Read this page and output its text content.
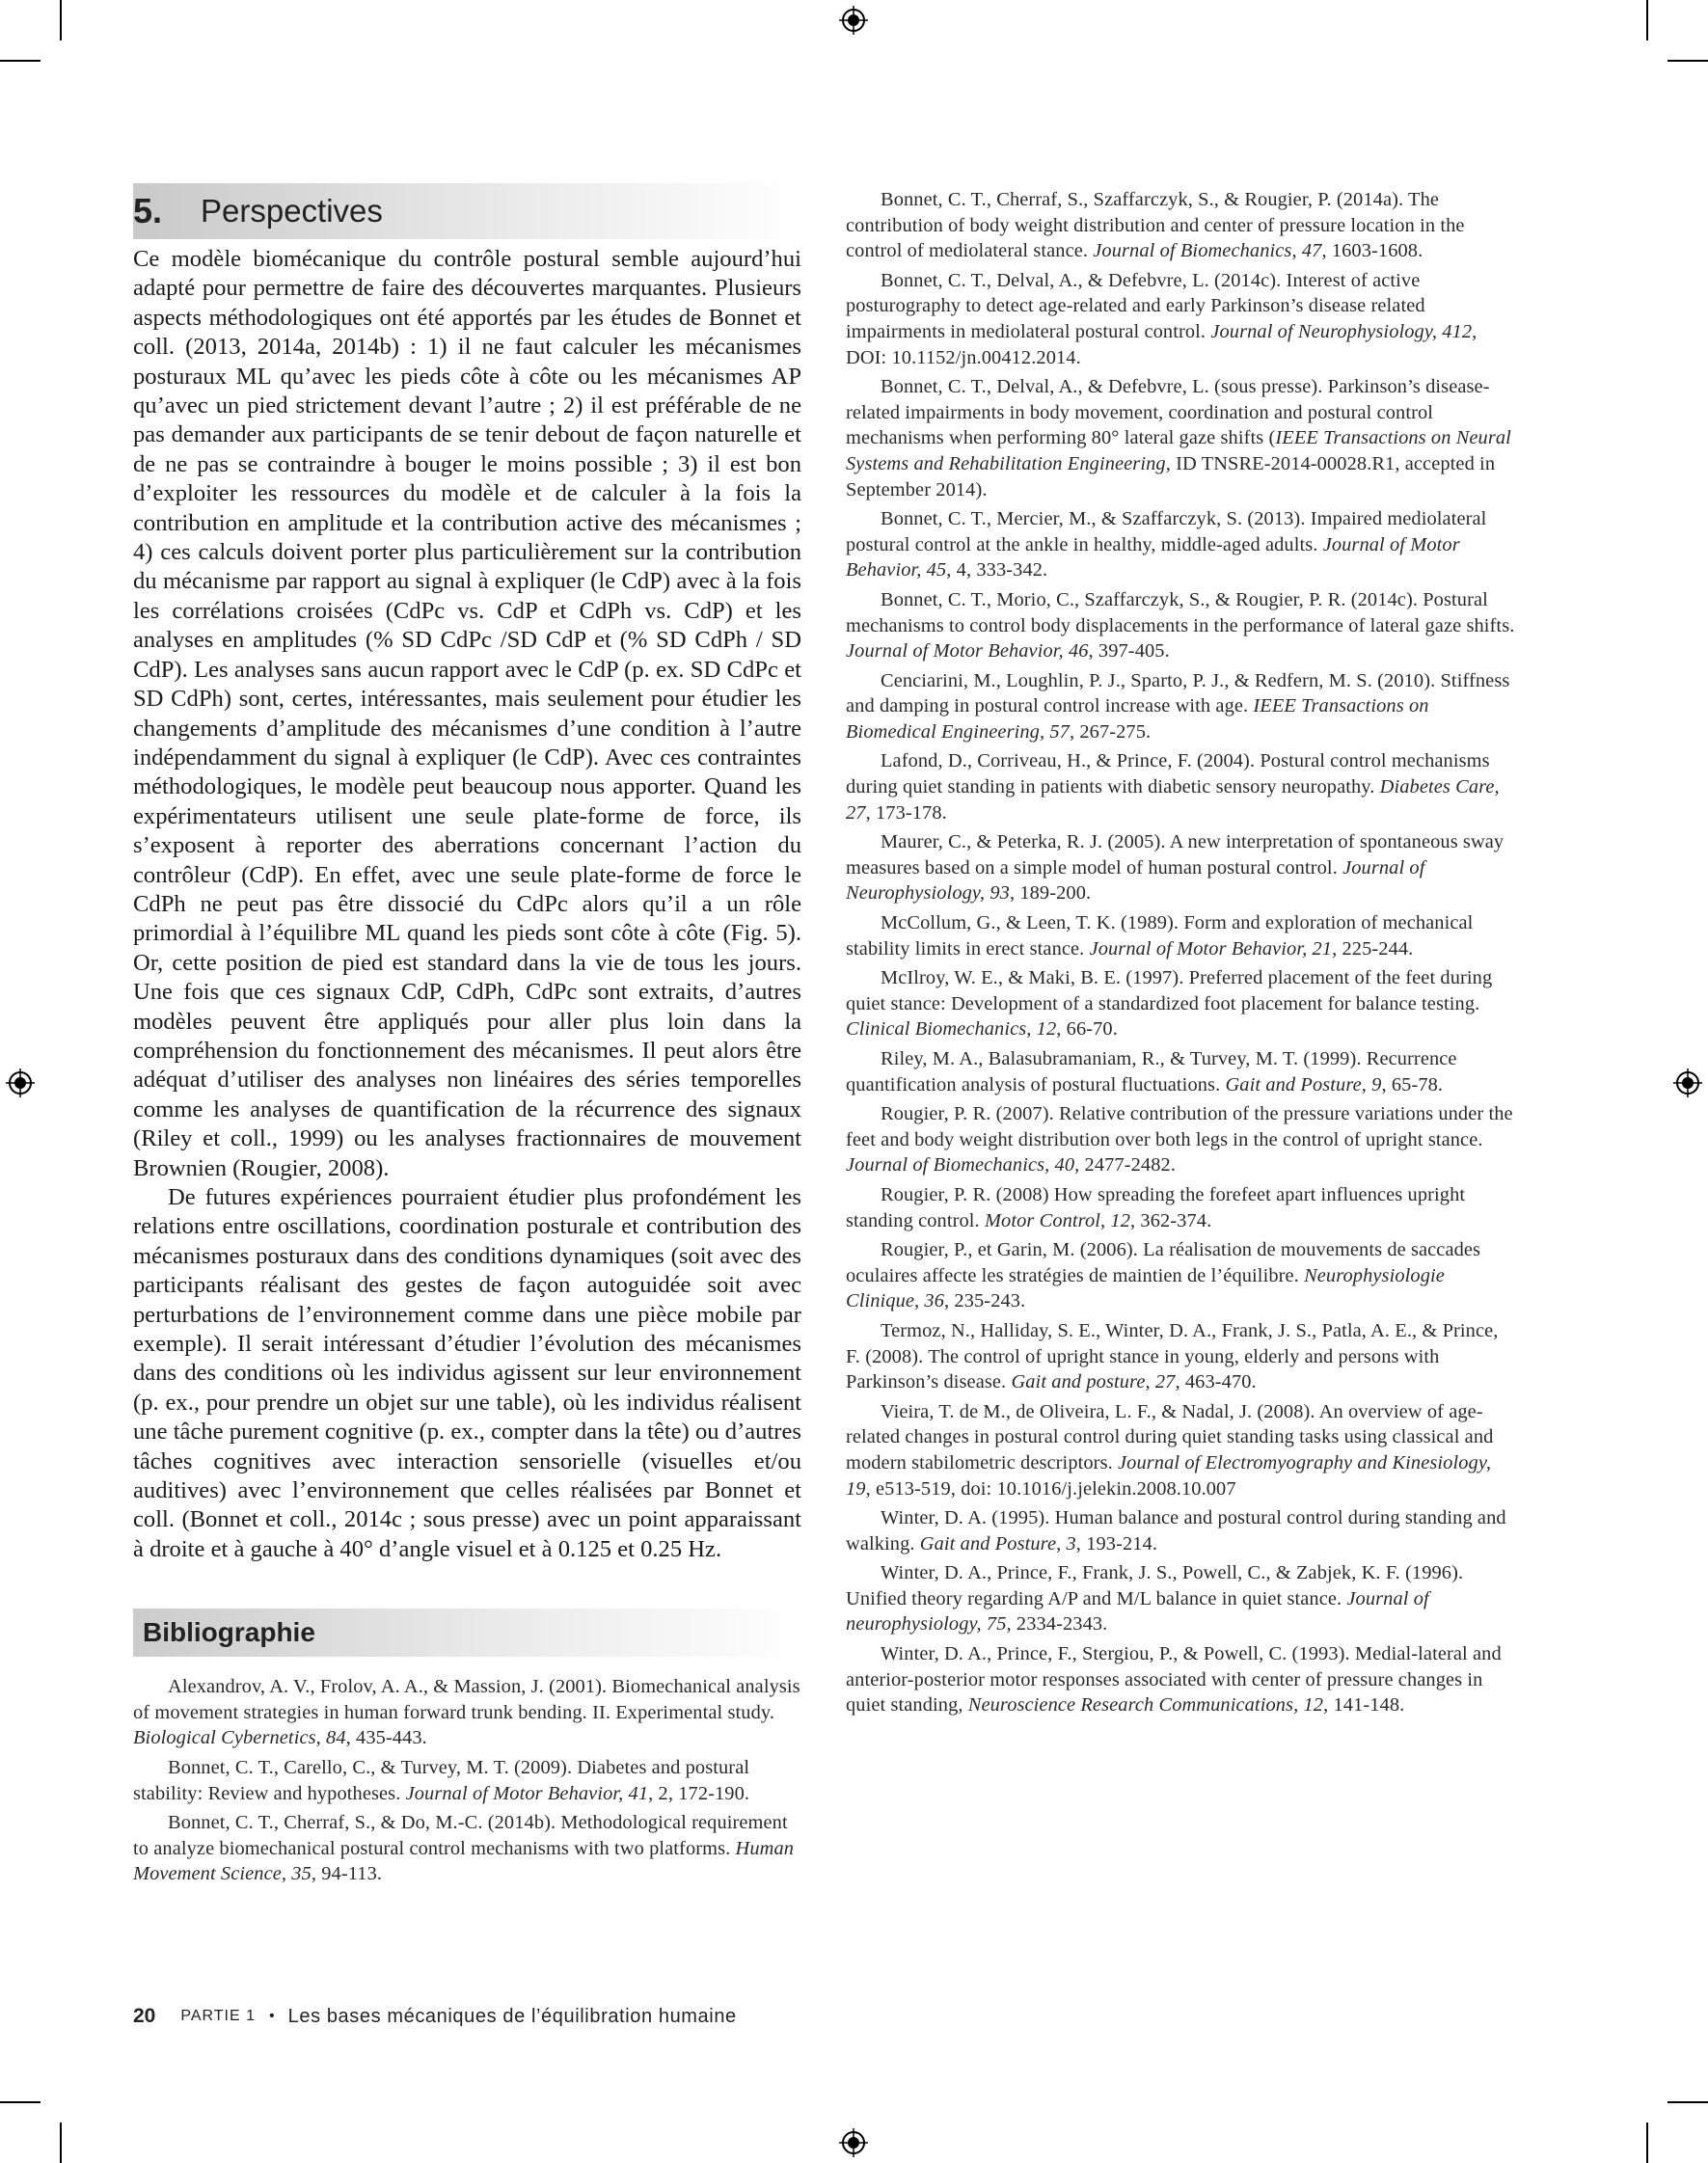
5.	Perspectives

Ce modèle biomécanique du contrôle postural semble aujourd’hui adapté pour permettre de faire des découvertes marquantes. Plusieurs aspects méthodologiques ont été apportés par les études de Bonnet et coll. (2013, 2014a, 2014b) : 1) il ne faut calculer les mécanismes posturaux ML qu’avec les pieds côte à côte ou les mécanismes AP qu’avec un pied strictement devant l’autre ; 2) il est préférable de ne pas demander aux participants de se tenir debout de façon naturelle et de ne pas se contraindre à bouger le moins possible ; 3) il est bon d’exploiter les ressources du modèle et de calculer à la fois la contribution en amplitude et la contribution active des mécanismes ; 4) ces calculs doivent porter plus particulièrement sur la contribution du mécanisme par rapport au signal à expliquer (le CdP) avec à la fois les corrélations croisées (CdPc vs. CdP et CdPh vs. CdP) et les analyses en amplitudes (% SD CdPc /SD CdP et (% SD CdPh / SD CdP). Les analyses sans aucun rapport avec le CdP (p. ex. SD CdPc et SD CdPh) sont, certes, intéressantes, mais seulement pour étudier les changements d’amplitude des mécanismes d’une condition à l’autre indépendamment du signal à expliquer (le CdP). Avec ces contraintes méthodologiques, le modèle peut beaucoup nous apporter. Quand les expérimentateurs utilisent une seule plate-forme de force, ils s’exposent à reporter des aberrations concernant l’action du contrôleur (CdP). En effet, avec une seule plate-forme de force le CdPh ne peut pas être dissocié du CdPc alors qu’il a un rôle primordial à l’équilibre ML quand les pieds sont côte à côte (Fig. 5). Or, cette position de pied est standard dans la vie de tous les jours. Une fois que ces signaux CdP, CdPh, CdPc sont extraits, d’autres modèles peuvent être appliqués pour aller plus loin dans la compréhension du fonctionnement des mécanismes. Il peut alors être adéquat d’utiliser des analyses non linéaires des séries temporelles comme les analyses de quantification de la récurrence des signaux (Riley et coll., 1999) ou les analyses fractionnaires de mouvement Brownien (Rougier, 2008).

De futures expériences pourraient étudier plus profondément les relations entre oscillations, coordination posturale et contribution des mécanismes posturaux dans des conditions dynamiques (soit avec des participants réalisant des gestes de façon autoguidée soit avec perturbations de l’environnement comme dans une pièce mobile par exemple). Il serait intéressant d’étudier l’évolution des mécanismes dans des conditions où les individus agissent sur leur environnement (p. ex., pour prendre un objet sur une table), où les individus réalisent une tâche purement cognitive (p. ex., compter dans la tête) ou d’autres tâches cognitives avec interaction sensorielle (visuelles et/ou auditives) avec l’environnement que celles réalisées par Bonnet et coll. (Bonnet et coll., 2014c ; sous presse) avec un point apparaissant à droite et à gauche à 40° d’angle visuel et à 0.125 et 0.25 Hz.

Bibliographie

Alexandrov, A. V., Frolov, A. A., & Massion, J. (2001). Biomechanical analysis of movement strategies in human forward trunk bending. II. Experimental study. Biological Cybernetics, 84, 435-443.

Bonnet, C. T., Carello, C., & Turvey, M. T. (2009). Diabetes and postural stability: Review and hypotheses. Journal of Motor Behavior, 41, 2, 172-190.

Bonnet, C. T., Cherraf, S., & Do, M.-C. (2014b). Methodological requirement to analyze biomechanical postural control mechanisms with two platforms. Human Movement Science, 35, 94-113.

Bonnet, C. T., Cherraf, S., Szaffarczyk, S., & Rougier, P. (2014a). The contribution of body weight distribution and center of pressure location in the control of mediolateral stance. Journal of Biomechanics, 47, 1603-1608.

Bonnet, C. T., Delval, A., & Defebvre, L. (2014c). Interest of active posturography to detect age-related and early Parkinson’s disease related impairments in mediolateral postural control. Journal of Neurophysiology, 412, DOI: 10.1152/jn.00412.2014.

Bonnet, C. T., Delval, A., & Defebvre, L. (sous presse). Parkinson’s disease-related impairments in body movement, coordination and postural control mechanisms when performing 80° lateral gaze shifts (IEEE Transactions on Neural Systems and Rehabilitation Engineering, ID TNSRE-2014-00028.R1, accepted in September 2014).

Bonnet, C. T., Mercier, M., & Szaffarczyk, S. (2013). Impaired mediolateral postural control at the ankle in healthy, middle-aged adults. Journal of Motor Behavior, 45, 4, 333-342.

Bonnet, C. T., Morio, C., Szaffarczyk, S., & Rougier, P. R. (2014c). Postural mechanisms to control body displacements in the performance of lateral gaze shifts. Journal of Motor Behavior, 46, 397-405.

Cenciarini, M., Loughlin, P. J., Sparto, P. J., & Redfern, M. S. (2010). Stiffness and damping in postural control increase with age. IEEE Transactions on Biomedical Engineering, 57, 267-275.

Lafond, D., Corriveau, H., & Prince, F. (2004). Postural control mechanisms during quiet standing in patients with diabetic sensory neuropathy. Diabetes Care, 27, 173-178.

Maurer, C., & Peterka, R. J. (2005). A new interpretation of spontaneous sway measures based on a simple model of human postural control. Journal of Neurophysiology, 93, 189-200.

McCollum, G., & Leen, T. K. (1989). Form and exploration of mechanical stability limits in erect stance. Journal of Motor Behavior, 21, 225-244.

McIlroy, W. E., & Maki, B. E. (1997). Preferred placement of the feet during quiet stance: Development of a standardized foot placement for balance testing. Clinical Biomechanics, 12, 66-70.

Riley, M. A., Balasubramaniam, R., & Turvey, M. T. (1999). Recurrence quantification analysis of postural fluctuations. Gait and Posture, 9, 65-78.

Rougier, P. R. (2007). Relative contribution of the pressure variations under the feet and body weight distribution over both legs in the control of upright stance. Journal of Biomechanics, 40, 2477-2482.

Rougier, P. R. (2008) How spreading the forefeet apart influences upright standing control. Motor Control, 12, 362-374.

Rougier, P., et Garin, M. (2006). La réalisation de mouvements de saccades oculaires affecte les stratégies de maintien de l’équilibre. Neurophysiologie Clinique, 36, 235-243.

Termoz, N., Halliday, S. E., Winter, D. A., Frank, J. S., Patla, A. E., & Prince, F. (2008). The control of upright stance in young, elderly and persons with Parkinson’s disease. Gait and posture, 27, 463-470.

Vieira, T. de M., de Oliveira, L. F., & Nadal, J. (2008). An overview of age-related changes in postural control during quiet standing tasks using classical and modern stabilometric descriptors. Journal of Electromyography and Kinesiology, 19, e513-519, doi: 10.1016/j.jelekin.2008.10.007

Winter, D. A. (1995). Human balance and postural control during standing and walking. Gait and Posture, 3, 193-214.

Winter, D. A., Prince, F., Frank, J. S., Powell, C., & Zabjek, K. F. (1996). Unified theory regarding A/P and M/L balance in quiet stance. Journal of neurophysiology, 75, 2334-2343.

Winter, D. A., Prince, F., Stergiou, P., & Powell, C. (1993). Medial-lateral and anterior-posterior motor responses associated with center of pressure changes in quiet standing, Neuroscience Research Communications, 12, 141-148.

20 PARTIE 1 • Les bases mécaniques de l’équilibration humaine
